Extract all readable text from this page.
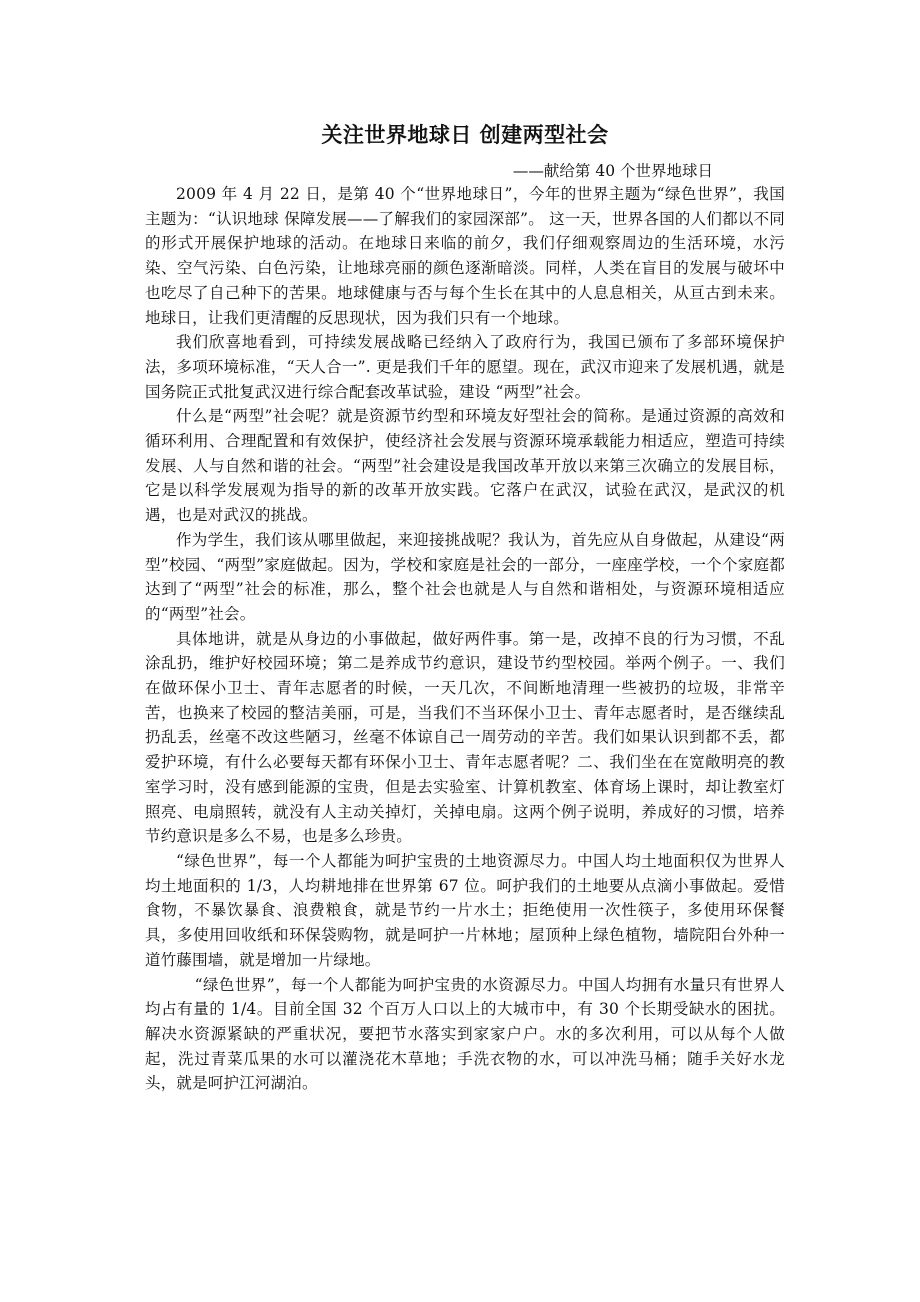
关注世界地球日 创建两型社会
——献给第 40 个世界地球日

2009 年 4 月 22 日，是第 40 个“世界地球日”，今年的世界主题为“绿色世界”，我国主题为：“认识地球 保障发展——了解我们的家园深部”。 这一天，世界各国的人们都以不同的形式开展保护地球的活动。在地球日来临的前夕，我们仔细观察周边的生活环境，水污染、空气污染、白色污染，让地球亮丽的颜色逐渐暗淡。同样，人类在盲目的发展与破坏中也吃尽了自己种下的苦果。地球健康与否与每个生长在其中的人息息相关，从亘古到未来。地球日，让我们更清醒的反思现状，因为我们只有一个地球。

我们欣喜地看到，可持续发展战略已经纳入了政府行为，我国已颁布了多部环境保护法，多项环境标准，“天人合一”. 更是我们千年的愿望。现在，武汉市迎来了发展机遇，就是国务院正式批复武汉进行综合配套改革试验，建设 “两型”社会。

什么是“两型”社会呢？就是资源节约型和环境友好型社会的简称。是通过资源的高效和循环利用、合理配置和有效保护，使经济社会发展与资源环境承载能力相适应，塑造可持续发展、人与自然和谐的社会。“两型”社会建设是我国改革开放以来第三次确立的发展目标，它是以科学发展观为指导的新的改革开放实践。它落户在武汉，试验在武汉，是武汉的机遇，也是对武汉的挑战。

作为学生，我们该从哪里做起，来迎接挑战呢？我认为，首先应从自身做起，从建设“两型”校园、“两型”家庭做起。因为，学校和家庭是社会的一部分，一座座学校，一个个家庭都达到了“两型”社会的标准，那么，整个社会也就是人与自然和谐相处，与资源环境相适应的“两型”社会。

具体地讲，就是从身边的小事做起，做好两件事。第一是，改掉不良的行为习惯，不乱涂乱扔，维护好校园环境；第二是养成节约意识，建设节约型校园。举两个例子。一、我们在做环保小卫士、青年志愿者的时候，一天几次，不间断地清理一些被扔的垃圾，非常辛苦，也换来了校园的整洁美丽，可是，当我们不当环保小卫士、青年志愿者时，是否继续乱扔乱丢，丝毫不改这些陋习，丝毫不体谅自己一周劳动的辛苦。我们如果认识到都不丢，都爱护环境，有什么必要每天都有环保小卫士、青年志愿者呢？二、我们坐在在宽敞明亮的教室学习时，没有感到能源的宝贵，但是去实验室、计算机教室、体育场上课时，却让教室灯照亮、电扇照转，就没有人主动关掉灯，关掉电扇。这两个例子说明，养成好的习惯，培养节约意识是多么不易，也是多么珍贵。

“绿色世界”，每一个人都能为呵护宝贵的土地资源尽力。中国人均土地面积仅为世界人均土地面积的 1/3，人均耕地排在世界第 67 位。呵护我们的土地要从点滴小事做起。爱惜食物，不暴饮暴食、浪费粮食，就是节约一片水土；拒绝使用一次性筷子，多使用环保餐具，多使用回收纸和环保袋购物，就是呵护一片林地；屋顶种上绿色植物，墙院阳台外种一道竹藤围墙，就是增加一片绿地。

“绿色世界”，每一个人都能为呵护宝贵的水资源尽力。中国人均拥有水量只有世界人均占有量的 1/4。目前全国 32 个百万人口以上的大城市中，有 30 个长期受缺水的困扰。解决水资源紧缺的严重状况，要把节水落实到家家户户。水的多次利用，可以从每个人做起，洗过青菜瓜果的水可以灌浇花木草地；手洗衣物的水，可以冲洗马桶；随手关好水龙头，就是呵护江河湖泊。
